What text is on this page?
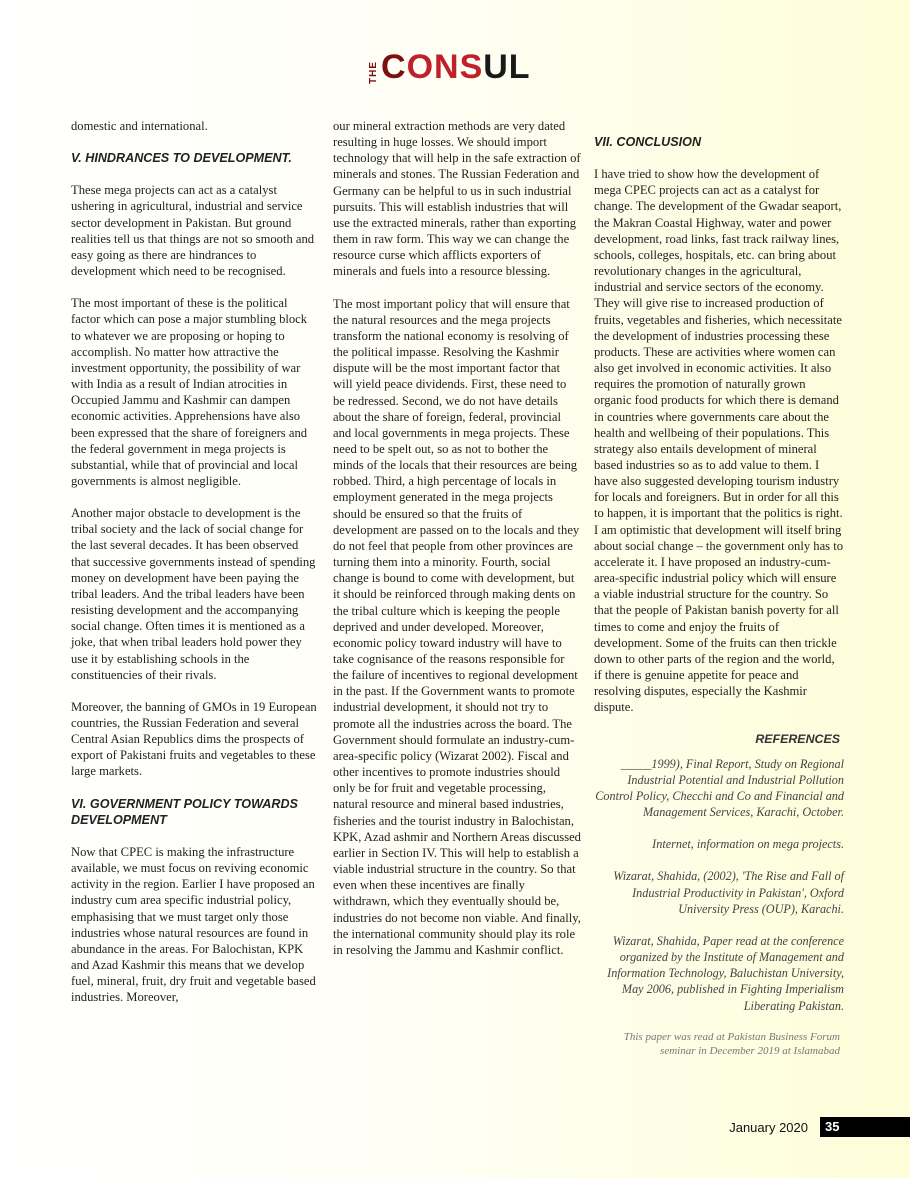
THE CONSUL

domestic and international.

V. HINDRANCES TO DEVELOPMENT.

These mega projects can act as a catalyst ushering in agricultural, industrial and service sector development in Pakistan. But ground realities tell us that things are not so smooth and easy going as there are hindrances to development which need to be recognised.

The most important of these is the political factor which can pose a major stumbling block to whatever we are proposing or hoping to accomplish. No matter how attractive the investment opportunity, the possibility of war with India as a result of Indian atrocities in Occupied Jammu and Kashmir can dampen economic activities. Apprehensions have also been expressed that the share of foreigners and the federal government in mega projects is substantial, while that of provincial and local governments is almost negligible.

Another major obstacle to development is the tribal society and the lack of social change for the last several decades. It has been observed that successive governments instead of spending money on development have been paying the tribal leaders. And the tribal leaders have been resisting development and the accompanying social change. Often times it is mentioned as a joke, that when tribal leaders hold power they use it by establishing schools in the constituencies of their rivals.

Moreover, the banning of GMOs in 19 European countries, the Russian Federation and several Central Asian Republics dims the prospects of export of Pakistani fruits and vegetables to these large markets.

VI. GOVERNMENT POLICY TOWARDS DEVELOPMENT

Now that CPEC is making the infrastructure available, we must focus on reviving economic activity in the region. Earlier I have proposed an industry cum area specific industrial policy, emphasising that we must target only those industries whose natural resources are found in abundance in the areas. For Balochistan, KPK and Azad Kashmir this means that we develop fuel, mineral, fruit, dry fruit and vegetable based industries. Moreover,

our mineral extraction methods are very dated resulting in huge losses. We should import technology that will help in the safe extraction of minerals and stones. The Russian Federation and Germany can be helpful to us in such industrial pursuits. This will establish industries that will use the extracted minerals, rather than exporting them in raw form. This way we can change the resource curse which afflicts exporters of minerals and fuels into a resource blessing.

The most important policy that will ensure that the natural resources and the mega projects transform the national economy is resolving of the political impasse. Resolving the Kashmir dispute will be the most important factor that will yield peace dividends. First, these need to be redressed. Second, we do not have details about the share of foreign, federal, provincial and local governments in mega projects. These need to be spelt out, so as not to bother the minds of the locals that their resources are being robbed. Third, a high percentage of locals in employment generated in the mega projects should be ensured so that the fruits of development are passed on to the locals and they do not feel that people from other provinces are turning them into a minority. Fourth, social change is bound to come with development, but it should be reinforced through making dents on the tribal culture which is keeping the people deprived and under developed. Moreover, economic policy toward industry will have to take cognisance of the reasons responsible for the failure of incentives to regional development in the past. If the Government wants to promote industrial development, it should not try to promote all the industries across the board. The Government should formulate an industry-cum-area-specific policy (Wizarat 2002). Fiscal and other incentives to promote industries should only be for fruit and vegetable processing, natural resource and mineral based industries, fisheries and the tourist industry in Balochistan, KPK, Azad ashmir and Northern Areas discussed earlier in Section IV. This will help to establish a viable industrial structure in the country. So that even when these incentives are finally withdrawn, which they eventually should be, industries do not become non viable. And finally, the international community should play its role in resolving the Jammu and Kashmir conflict.

VII. CONCLUSION

I have tried to show how the development of mega CPEC projects can act as a catalyst for change. The development of the Gwadar seaport, the Makran Coastal Highway, water and power development, road links, fast track railway lines, schools, colleges, hospitals, etc. can bring about revolutionary changes in the agricultural, industrial and service sectors of the economy. They will give rise to increased production of fruits, vegetables and fisheries, which necessitate the development of industries processing these products. These are activities where women can also get involved in economic activities. It also requires the promotion of naturally grown organic food products for which there is demand in countries where governments care about the health and wellbeing of their populations. This strategy also entails development of mineral based industries so as to add value to them. I have also suggested developing tourism industry for locals and foreigners. But in order for all this to happen, it is important that the politics is right. I am optimistic that development will itself bring about social change – the government only has to accelerate it. I have proposed an industry-cum-area-specific industrial policy which will ensure a viable industrial structure for the country. So that the people of Pakistan banish poverty for all times to come and enjoy the fruits of development. Some of the fruits can then trickle down to other parts of the region and the world, if there is genuine appetite for peace and resolving disputes, especially the Kashmir dispute.

REFERENCES

_____1999), Final Report, Study on Regional Industrial Potential and Industrial Pollution Control Policy, Checchi and Co and Financial and Management Services, Karachi, October.

Internet, information on mega projects.

Wizarat, Shahida, (2002), 'The Rise and Fall of Industrial Productivity in Pakistan', Oxford University Press (OUP), Karachi.

Wizarat, Shahida, Paper read at the conference organized by the Institute of Management and Information Technology, Baluchistan University, May 2006, published in Fighting Imperialism Liberating Pakistan.

This paper was read at Pakistan Business Forum seminar in December 2019 at Islamabad
January 2020	35
